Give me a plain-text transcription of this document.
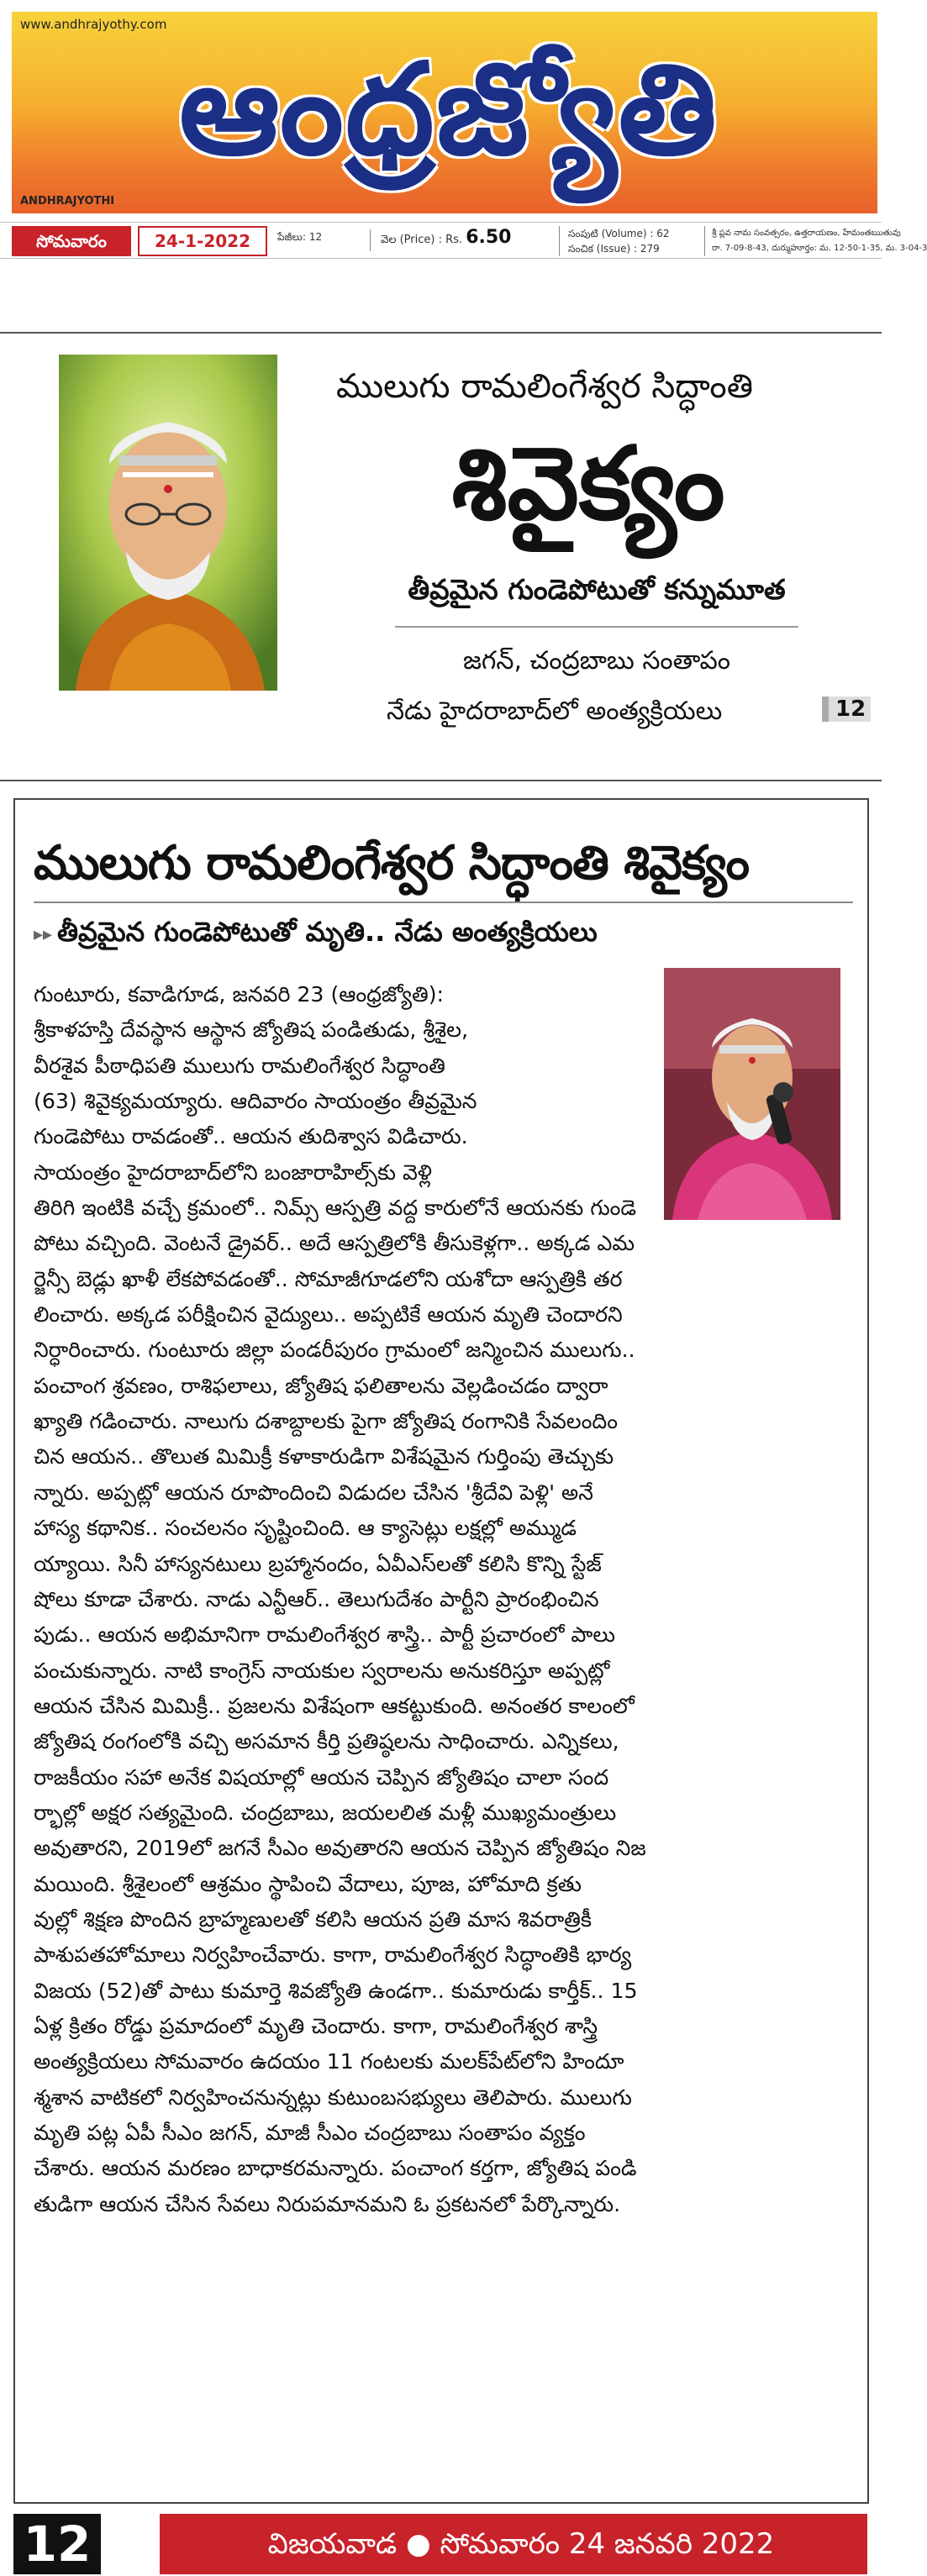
www.andhrajyothy.com
ఆంధ్రజ్యోతి
ANDHRAJYOTHI
సోమవారం	24-1-2022	పేజీలు: 12	వెల (Price) : Rs. 6.50	సంపుటి (Volume) : 62
సంచిక (Issue) : 279
శ్రీ ప్లవ నామ సంవత్సరం, ఉత్తరాయణం, హేమంతఋతువు
రా. 7-09-8-43, దుర్ముహూర్తం: మ. 12-50-1-35, మ. 3-04-3
ములుగు రామలింగేశ్వర సిద్ధాంతి
శివైక్యం
తీవ్రమైన గుండెపోటుతో కన్నుమూత
జగన్‌, చంద్రబాబు సంతాపం
నేడు హైదరాబాద్‌లో అంత్యక్రియలు	12
ములుగు రామలింగేశ్వర సిద్ధాంతి శివైక్యం
▸▸ తీవ్రమైన గుండెపోటుతో మృతి.. నేడు అంత్యక్రియలు
గుంటూరు, కవాడిగూడ, జనవరి 23 (ఆంధ్రజ్యోతి):
శ్రీకాళహస్తి దేవస్థాన ఆస్థాన జ్యోతిష పండితుడు, శ్రీశైల,
వీరశైవ పీఠాధిపతి ములుగు రామలింగేశ్వర సిద్ధాంతి
(63) శివైక్యమయ్యారు. ఆదివారం సాయంత్రం తీవ్రమైన
గుండెపోటు రావడంతో.. ఆయన తుదిశ్వాస విడిచారు.
సాయంత్రం హైదరాబాద్‌లోని బంజారాహిల్స్‌కు వెళ్లి
తిరిగి ఇంటికి వచ్చే క్రమంలో.. నిమ్స్‌ ఆస్పత్రి వద్ద కారులోనే ఆయనకు గుండె
పోటు వచ్చింది. వెంటనే డ్రైవర్‌.. అదే ఆస్పత్రిలోకి తీసుకెళ్లగా.. అక్కడ ఎమ
ర్జెన్సీ బెడ్లు ఖాళీ లేకపోవడంతో.. సోమాజీగూడలోని యశోదా ఆస్పత్రికి తర
లించారు. అక్కడ పరీక్షించిన వైద్యులు.. అప్పటికే ఆయన మృతి చెందారని
నిర్ధారించారు. గుంటూరు జిల్లా పండరీపురం గ్రామంలో జన్మించిన ములుగు..
పంచాంగ శ్రవణం, రాశిఫలాలు, జ్యోతిష ఫలితాలను వెల్లడించడం ద్వారా
ఖ్యాతి గడించారు. నాలుగు దశాబ్దాలకు పైగా జ్యోతిష రంగానికి సేవలందిం
చిన ఆయన.. తొలుత మిమిక్రీ కళాకారుడిగా విశేషమైన గుర్తింపు తెచ్చుకు
న్నారు. అప్పట్లో ఆయన రూపొందించి విడుదల చేసిన 'శ్రీదేవి పెళ్లి' అనే
హాస్య కథానిక.. సంచలనం సృష్టించింది. ఆ క్యాసెట్లు లక్షల్లో అమ్ముడ
య్యాయి. సినీ హాస్యనటులు బ్రహ్మానందం, ఏవీఎస్‌లతో కలిసి కొన్ని స్టేజ్‌
షోలు కూడా చేశారు. నాడు ఎన్టీఆర్‌.. తెలుగుదేశం పార్టీని ప్రారంభించిన
పుడు.. ఆయన అభిమానిగా రామలింగేశ్వర శాస్త్రి.. పార్టీ ప్రచారంలో పాలు
పంచుకున్నారు. నాటి కాంగ్రెస్‌ నాయకుల స్వరాలను అనుకరిస్తూ అప్పట్లో
ఆయన చేసిన మిమిక్రీ.. ప్రజలను విశేషంగా ఆకట్టుకుంది. అనంతర కాలంలో
జ్యోతిష రంగంలోకి వచ్చి అసమాన కీర్తి ప్రతిష్ఠలను సాధించారు. ఎన్నికలు,
రాజకీయం సహా అనేక విషయాల్లో ఆయన చెప్పిన జ్యోతిషం చాలా సంద
ర్భాల్లో అక్షర సత్యమైంది. చంద్రబాబు, జయలలిత మళ్లీ ముఖ్యమంత్రులు
అవుతారని, 2019లో జగనే సీఎం అవుతారని ఆయన చెప్పిన జ్యోతిషం నిజ
మయింది. శ్రీశైలంలో ఆశ్రమం స్థాపించి వేదాలు, పూజ, హోమాది క్రతు
వుల్లో శిక్షణ పొందిన బ్రాహ్మణులతో కలిసి ఆయన ప్రతి మాస శివరాత్రికీ
పాశుపతహోమాలు నిర్వహించేవారు. కాగా, రామలింగేశ్వర సిద్ధాంతికి భార్య
విజయ (52)తో పాటు కుమార్తె శివజ్యోతి ఉండగా.. కుమారుడు కార్తీక్‌.. 15
ఏళ్ల క్రితం రోడ్డు ప్రమాదంలో మృతి చెందారు. కాగా, రామలింగేశ్వర శాస్త్రి
అంత్యక్రియలు సోమవారం ఉదయం 11 గంటలకు మలక్‌పేట్‌లోని హిందూ
శ్మశాన వాటికలో నిర్వహించనున్నట్లు కుటుంబసభ్యులు తెలిపారు. ములుగు
మృతి పట్ల ఏపీ సీఎం జగన్‌, మాజీ సీఎం చంద్రబాబు సంతాపం వ్యక్తం
చేశారు. ఆయన మరణం బాధాకరమన్నారు. పంచాంగ కర్తగా, జ్యోతిష పండి
తుడిగా ఆయన చేసిన సేవలు నిరుపమానమని ఓ ప్రకటనలో పేర్కొన్నారు.
12	విజయవాడ ● సోమవారం 24 జనవరి 2022
